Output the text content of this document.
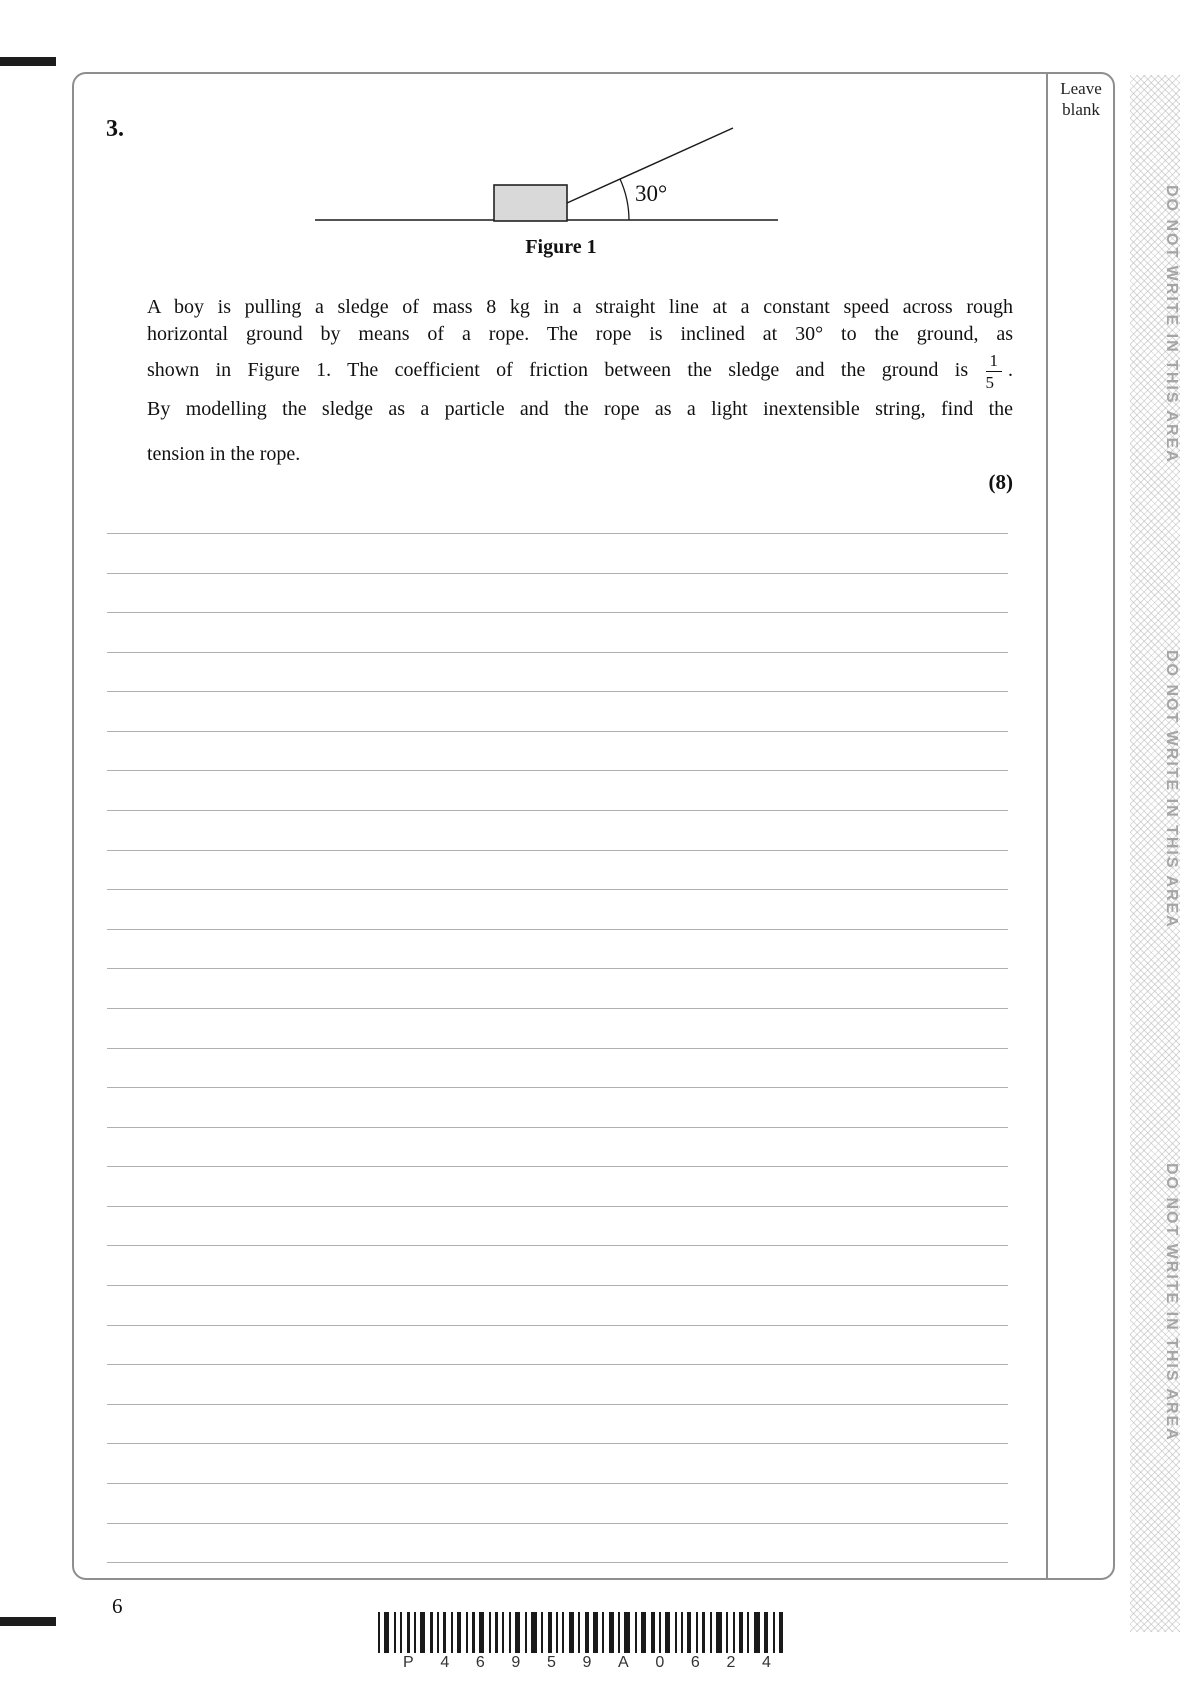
Leave
blank
3.
30°
Figure 1
A boy is pulling a sledge of mass 8 kg in a straight line at a constant speed across rough
horizontal ground by means of a rope. The rope is inclined at 30° to the ground, as
shown in Figure 1. The coefficient of friction between the sledge and the ground is $\frac{1}{5}$ .
By modelling the sledge as a particle and the rope as a light inextensible string, find the
tension in the rope.
(8)
6
P 4 6 9 5 9 A 0 6 2 4
DO NOT WRITE IN THIS AREA
DO NOT WRITE IN THIS AREA
DO NOT WRITE IN THIS AREA
